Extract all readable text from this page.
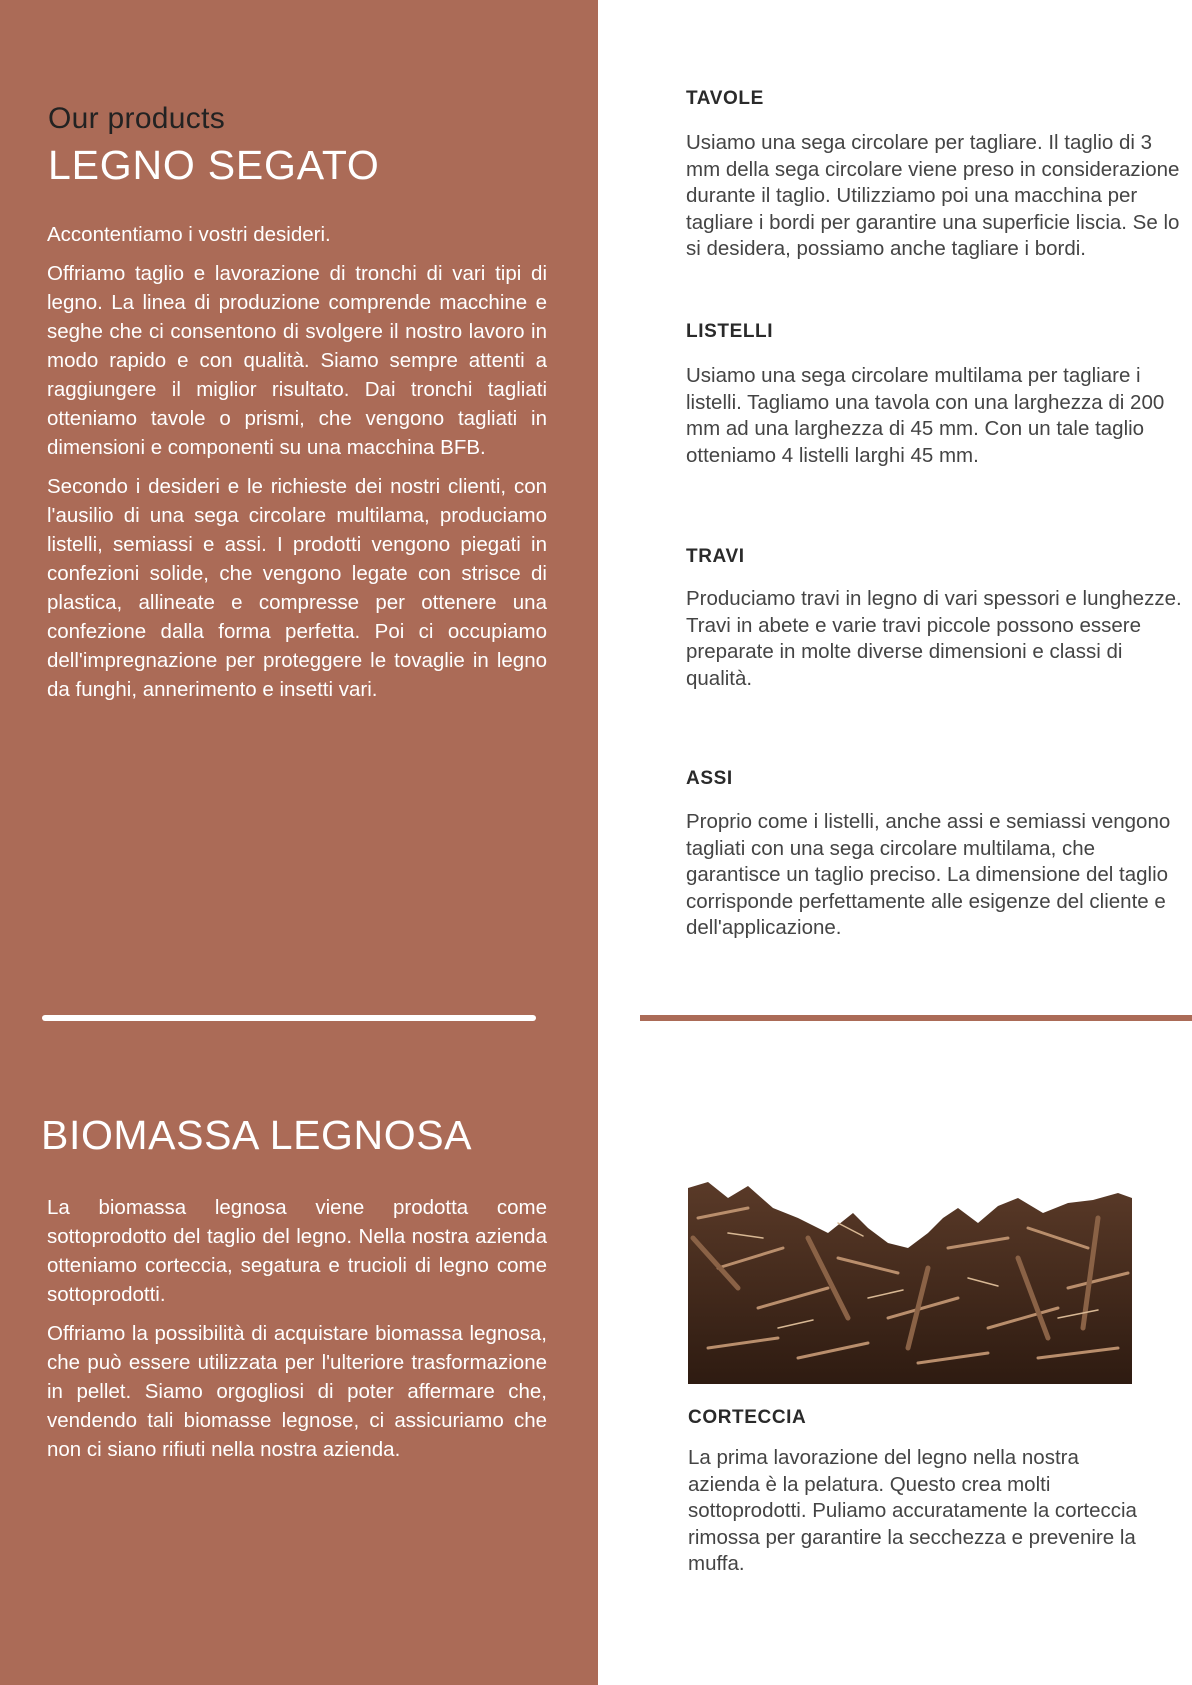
Our products
LEGNO SEGATO

Accontentiamo i vostri desideri.

Offriamo taglio e lavorazione di tronchi di vari tipi di legno. La linea di produzione comprende macchine e seghe che ci consentono di svolgere il nostro lavoro in modo rapido e con qualità. Siamo sempre attenti a raggiungere il miglior risultato. Dai tronchi tagliati otteniamo tavole o prismi, che vengono tagliati in dimensioni e componenti su una macchina BFB.

Secondo i desideri e le richieste dei nostri clienti, con l'ausilio di una sega circolare multilama, produciamo listelli, semiassi e assi. I prodotti vengono piegati in confezioni solide, che vengono legate con strisce di plastica, allineate e compresse per ottenere una confezione dalla forma perfetta. Poi ci occupiamo dell'impregnazione per proteggere le tovaglie in legno da funghi, annerimento e insetti vari.

BIOMASSA LEGNOSA

La biomassa legnosa viene prodotta come sottoprodotto del taglio del legno. Nella nostra azienda otteniamo corteccia, segatura e trucioli di legno come sottoprodotti.

Offriamo la possibilità di acquistare biomassa legnosa, che può essere utilizzata per l'ulteriore trasformazione in pellet. Siamo orgogliosi di poter affermare che, vendendo tali biomasse legnose, ci assicuriamo che non ci siano rifiuti nella nostra azienda.

TAVOLE
Usiamo una sega circolare per tagliare. Il taglio di 3 mm della sega circolare viene preso in considerazione durante il taglio. Utilizziamo poi una macchina per tagliare i bordi per garantire una superficie liscia. Se lo si desidera, possiamo anche tagliare i bordi.
LISTELLI
Usiamo una sega circolare multilama per tagliare i listelli. Tagliamo una tavola con una larghezza di 200 mm ad una larghezza di 45 mm. Con un tale taglio otteniamo 4 listelli larghi 45 mm.
TRAVI
Produciamo travi in legno di vari spessori e lunghezze. Travi in abete e varie travi piccole possono essere preparate in molte diverse dimensioni e classi di qualità.
ASSI
Proprio come i listelli, anche assi e semiassi vengono tagliati con una sega circolare multilama, che garantisce un taglio preciso. La dimensione del taglio corrisponde perfettamente alle esigenze del cliente e dell'applicazione.
CORTECCIA
La prima lavorazione del legno nella nostra azienda è la pelatura. Questo crea molti sottoprodotti. Puliamo accuratamente la corteccia rimossa per garantire la secchezza e prevenire la muffa.
